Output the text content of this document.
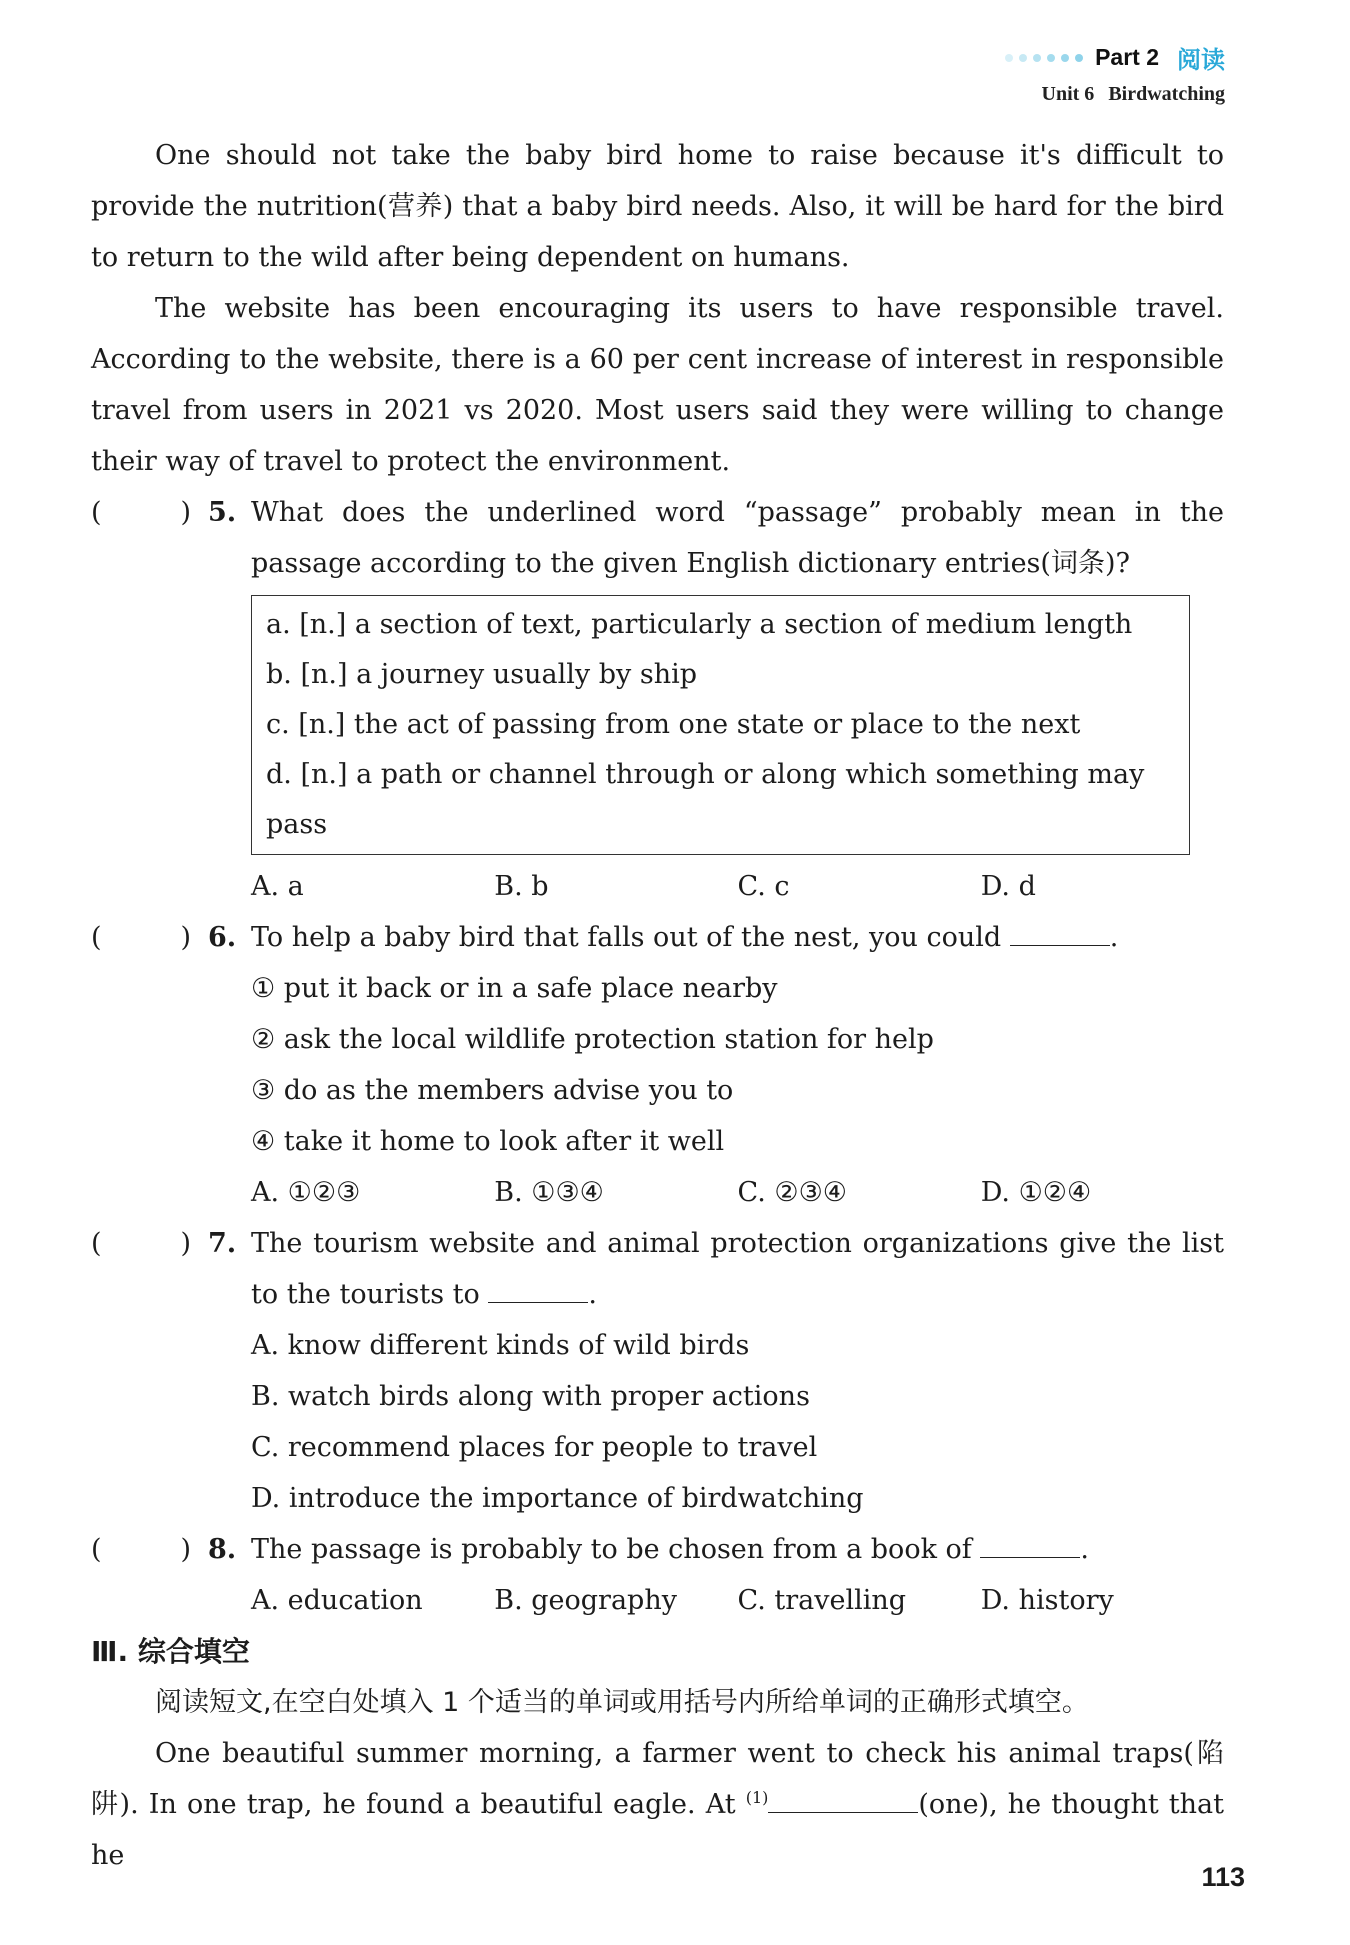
Part 2 阅读
Unit 6 Birdwatching

One should not take the baby bird home to raise because it's difficult to provide the nutrition(营养) that a baby bird needs. Also, it will be hard for the bird to return to the wild after being dependent on humans.

The website has been encouraging its users to have responsible travel. According to the website, there is a 60 per cent increase of interest in responsible travel from users in 2021 vs 2020. Most users said they were willing to change their way of travel to protect the environment.

(	) 5. What does the underlined word “passage” probably mean in the passage according to the given English dictionary entries(词条)?
a. [n.] a section of text, particularly a section of medium length
b. [n.] a journey usually by ship
c. [n.] the act of passing from one state or place to the next
d. [n.] a path or channel through or along which something may pass
A. a	B. b	C. c	D. d
(	) 6. To help a baby bird that falls out of the nest, you could	.
① put it back or in a safe place nearby
② ask the local wildlife protection station for help
③ do as the members advise you to
④ take it home to look after it well
A. ①②③	B. ①③④	C. ②③④	D. ①②④
(	) 7. The tourism website and animal protection organizations give the list to the tourists to	.
A. know different kinds of wild birds
B. watch birds along with proper actions
C. recommend places for people to travel
D. introduce the importance of birdwatching
(	) 8. The passage is probably to be chosen from a book of	.
A. education	B. geography	C. travelling	D. history
Ⅲ. 综合填空

阅读短文,在空白处填入 1 个适当的单词或用括号内所给单词的正确形式填空。

One beautiful summer morning, a farmer went to check his animal traps(陷阱). In one trap, he found a beautiful eagle. At $^{(1)}$	(one), he thought that he

113
